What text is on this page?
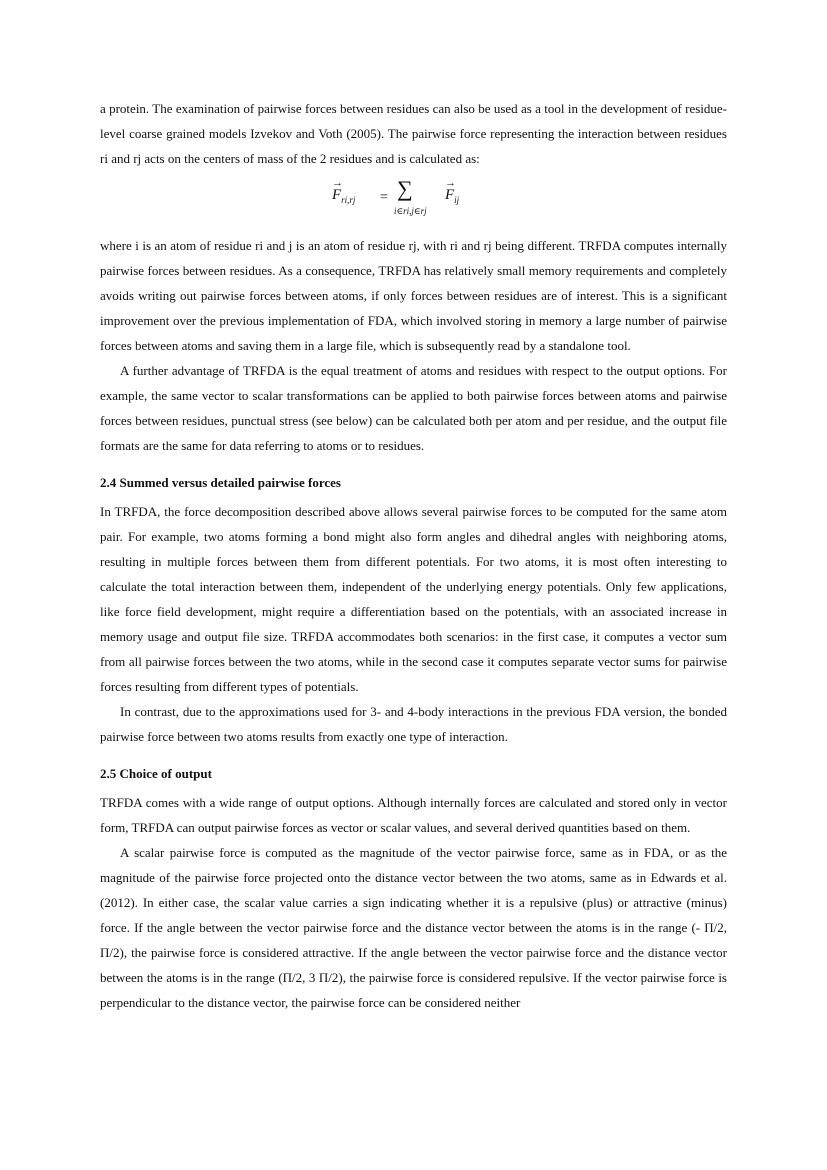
a protein. The examination of pairwise forces between residues can also be used as a tool in the development of residue-level coarse grained models Izvekov and Voth (2005). The pairwise force representing the interaction between residues ri and rj acts on the centers of mass of the 2 residues and is calculated as:

→ $F_{ri,rj}$ = ∑
i∈ri,j∈rj
→ $F_{ij}$

where i is an atom of residue ri and j is an atom of residue rj, with ri and rj being different. TRFDA computes internally pairwise forces between residues. As a consequence, TRFDA has relatively small memory requirements and completely avoids writing out pairwise forces between atoms, if only forces between residues are of interest. This is a significant improvement over the previous implementation of FDA, which involved storing in memory a large number of pairwise forces between atoms and saving them in a large file, which is subsequently read by a standalone tool.

A further advantage of TRFDA is the equal treatment of atoms and residues with respect to the output options. For example, the same vector to scalar transformations can be applied to both pairwise forces between atoms and pairwise forces between residues, punctual stress (see below) can be calculated both per atom and per residue, and the output file formats are the same for data referring to atoms or to residues.

2.4 Summed versus detailed pairwise forces

In TRFDA, the force decomposition described above allows several pairwise forces to be computed for the same atom pair. For example, two atoms forming a bond might also form angles and dihedral angles with neighboring atoms, resulting in multiple forces between them from different potentials. For two atoms, it is most often interesting to calculate the total interaction between them, independent of the underlying energy potentials. Only few applications, like force field development, might require a differentiation based on the potentials, with an associated increase in memory usage and output file size. TRFDA accommodates both scenarios: in the first case, it computes a vector sum from all pairwise forces between the two atoms, while in the second case it computes separate vector sums for pairwise forces resulting from different types of potentials.

In contrast, due to the approximations used for 3- and 4-body interactions in the previous FDA version, the bonded pairwise force between two atoms results from exactly one type of interaction.

2.5 Choice of output

TRFDA comes with a wide range of output options. Although internally forces are calculated and stored only in vector form, TRFDA can output pairwise forces as vector or scalar values, and several derived quantities based on them.

A scalar pairwise force is computed as the magnitude of the vector pairwise force, same as in FDA, or as the magnitude of the pairwise force projected onto the distance vector between the two atoms, same as in Edwards et al. (2012). In either case, the scalar value carries a sign indicating whether it is a repulsive (plus) or attractive (minus) force. If the angle between the vector pairwise force and the distance vector between the atoms is in the range (- Π/2, Π/2), the pairwise force is considered attractive. If the angle between the vector pairwise force and the distance vector between the atoms is in the range (Π/2, 3 Π/2), the pairwise force is considered repulsive. If the vector pairwise force is perpendicular to the distance vector, the pairwise force can be considered neither
